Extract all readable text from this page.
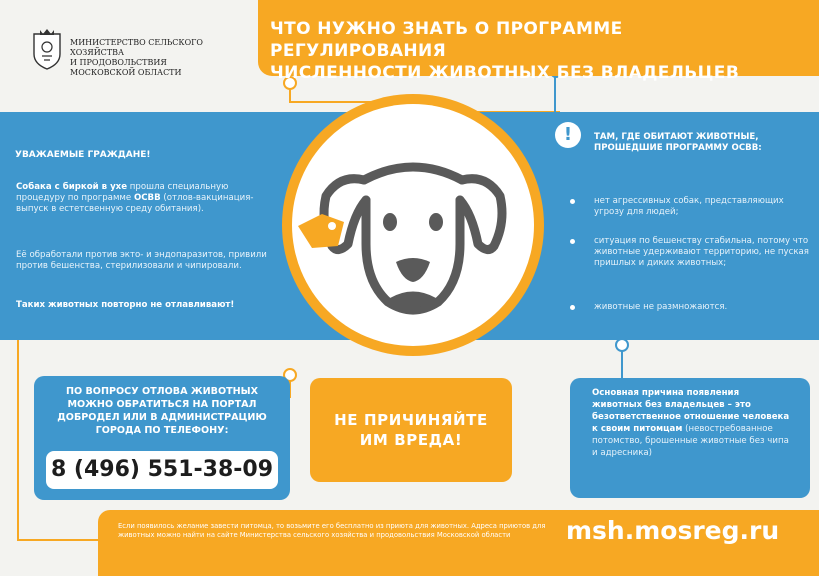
МИНИСТЕРСТВО СЕЛЬСКОГО ХОЗЯЙСТВА
И ПРОДОВОЛЬСТВИЯ
МОСКОВСКОЙ ОБЛАСТИ
ЧТО НУЖНО ЗНАТЬ О ПРОГРАММЕ РЕГУЛИРОВАНИЯ
ЧИСЛЕННОСТИ ЖИВОТНЫХ БЕЗ ВЛАДЕЛЬЦЕВ
УВАЖАЕМЫЕ ГРАЖДАНЕ!
Собака с биркой в ухе прошла специальную процедуру по программе ОСВВ (отлов-вакцинация-выпуск в естетсвенную среду обитания).
Её обработали против экто- и эндопаразитов, привили против бешенства, стерилизовали и чипировали.
Таких животных повторно не отлавливают!
!	ТАМ, ГДЕ ОБИТАЮТ ЖИВОТНЫЕ,
ПРОШЕДШИЕ ПРОГРАММУ ОСВВ:
нет агрессивных собак, представляющих угрозу для людей;
ситуация по бешенству стабильна, потому что животные удерживают территорию, не пуская пришлых и диких животных;
животные не размножаются.
ПО ВОПРОСУ ОТЛОВА ЖИВОТНЫХ МОЖНО ОБРАТИТЬСЯ НА ПОРТАЛ ДОБРОДЕЛ ИЛИ В АДМИНИСТРАЦИЮ ГОРОДА ПО ТЕЛЕФОНУ:
8 (496) 551-38-09
НЕ ПРИЧИНЯЙТЕ
ИМ ВРЕДА!
Основная причина появления животных без владельцев – это безответственное отношение человека к своим питомцам (невостребованное потомство, брошенные животные без чипа и адресника)
Если появилось желание завести питомца, то возьмите его бесплатно из приюта для животных. Адреса приютов для животных можно найти на сайте Министерства сельского хозяйства и продовольствия Московской области	msh.mosreg.ru
